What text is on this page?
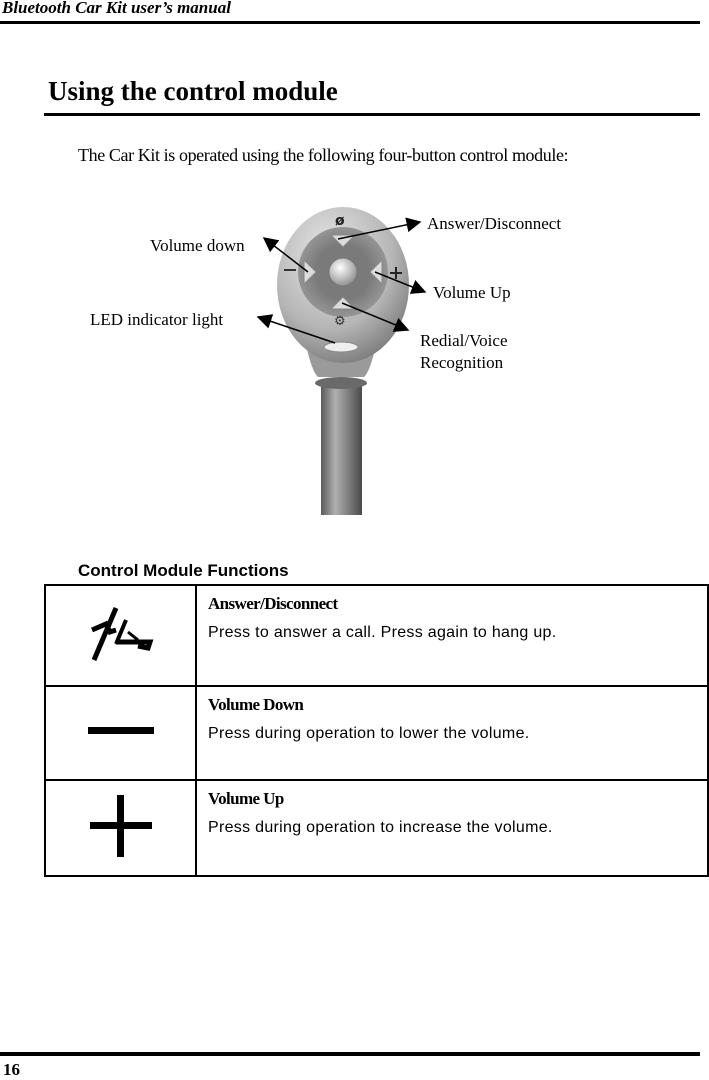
Bluetooth Car Kit user’s manual
Using the control module
The Car Kit is operated using the following four-button control module:
ø
⚙
Answer/Disconnect
Volume down
Volume Up
LED indicator light
Redial/Voice
Recognition
Control Module Functions

Answer/Disconnect
Press to answer a call. Press again to hang up.

Volume Down
Press during operation to lower the volume.

Volume Up
Press during operation to increase the volume.
16
